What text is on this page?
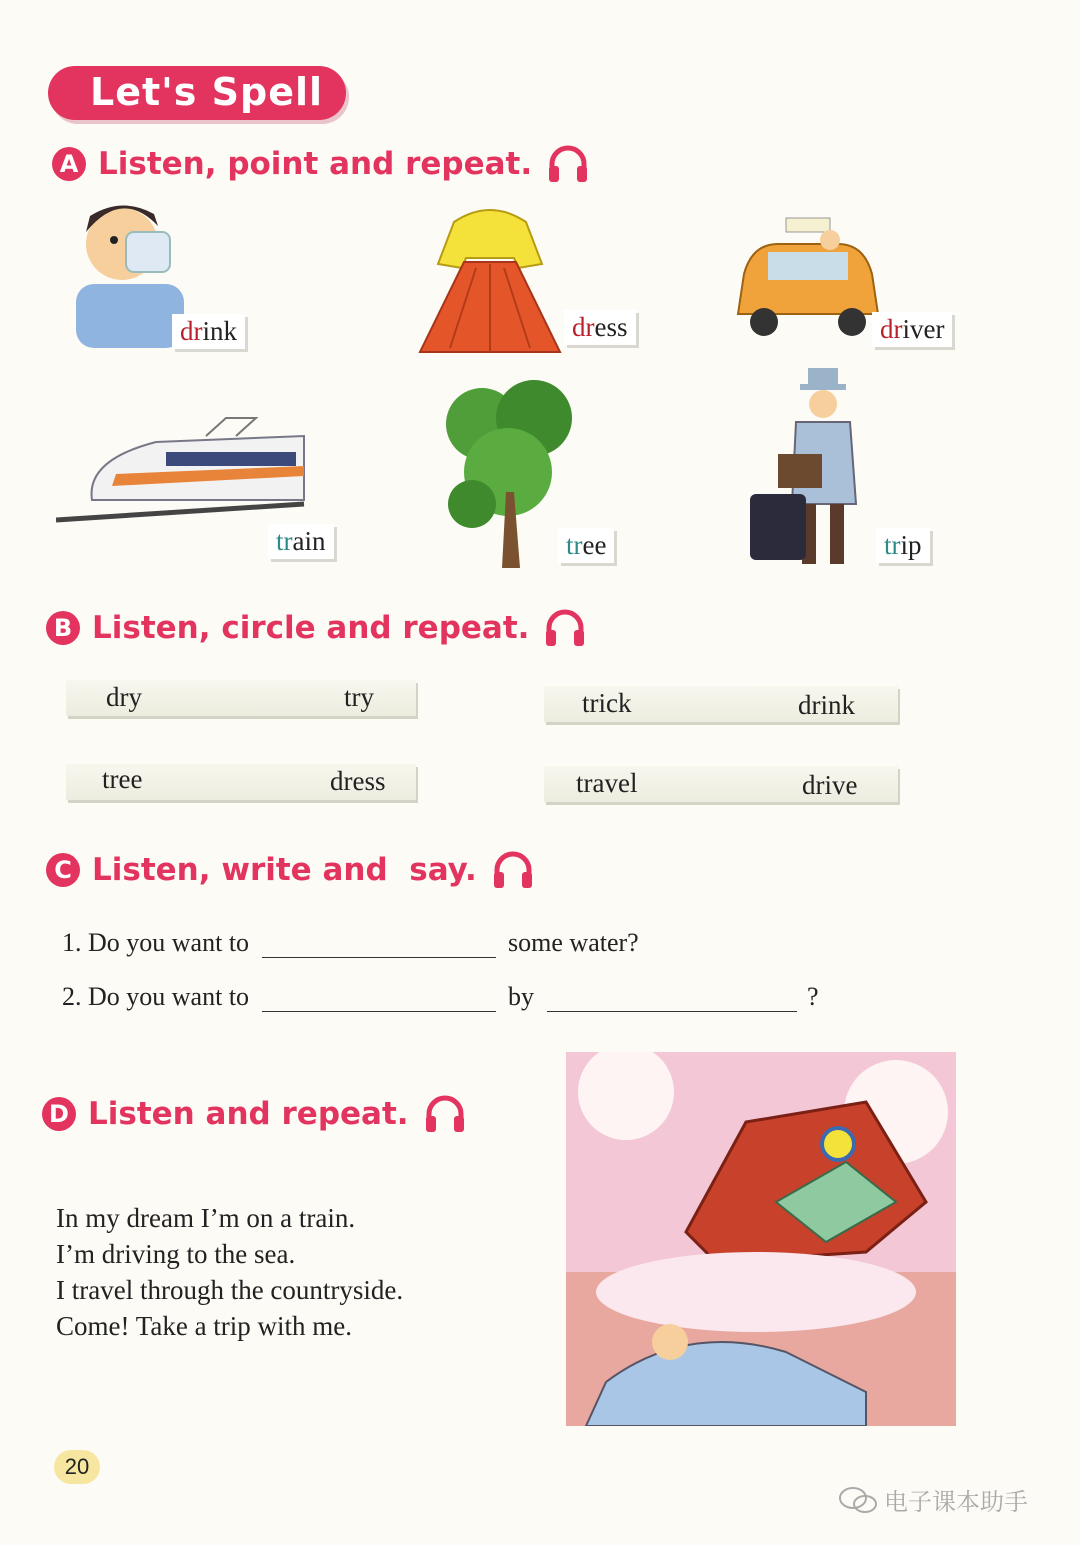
Let's Spell
A Listen, point and repeat.
drink	dress	driver
train	tree	trip
B Listen, circle and repeat.
dry	try	trick	drink
tree	dress	travel	drive
C Listen, write and  say.
1. Do you want to	some water?
2. Do you want to	by	?
D Listen and repeat.

In my dream I’m on a train.

I’m driving to the sea.

I travel through the countryside.

Come! Take a trip with me.

20
电子课本助手
